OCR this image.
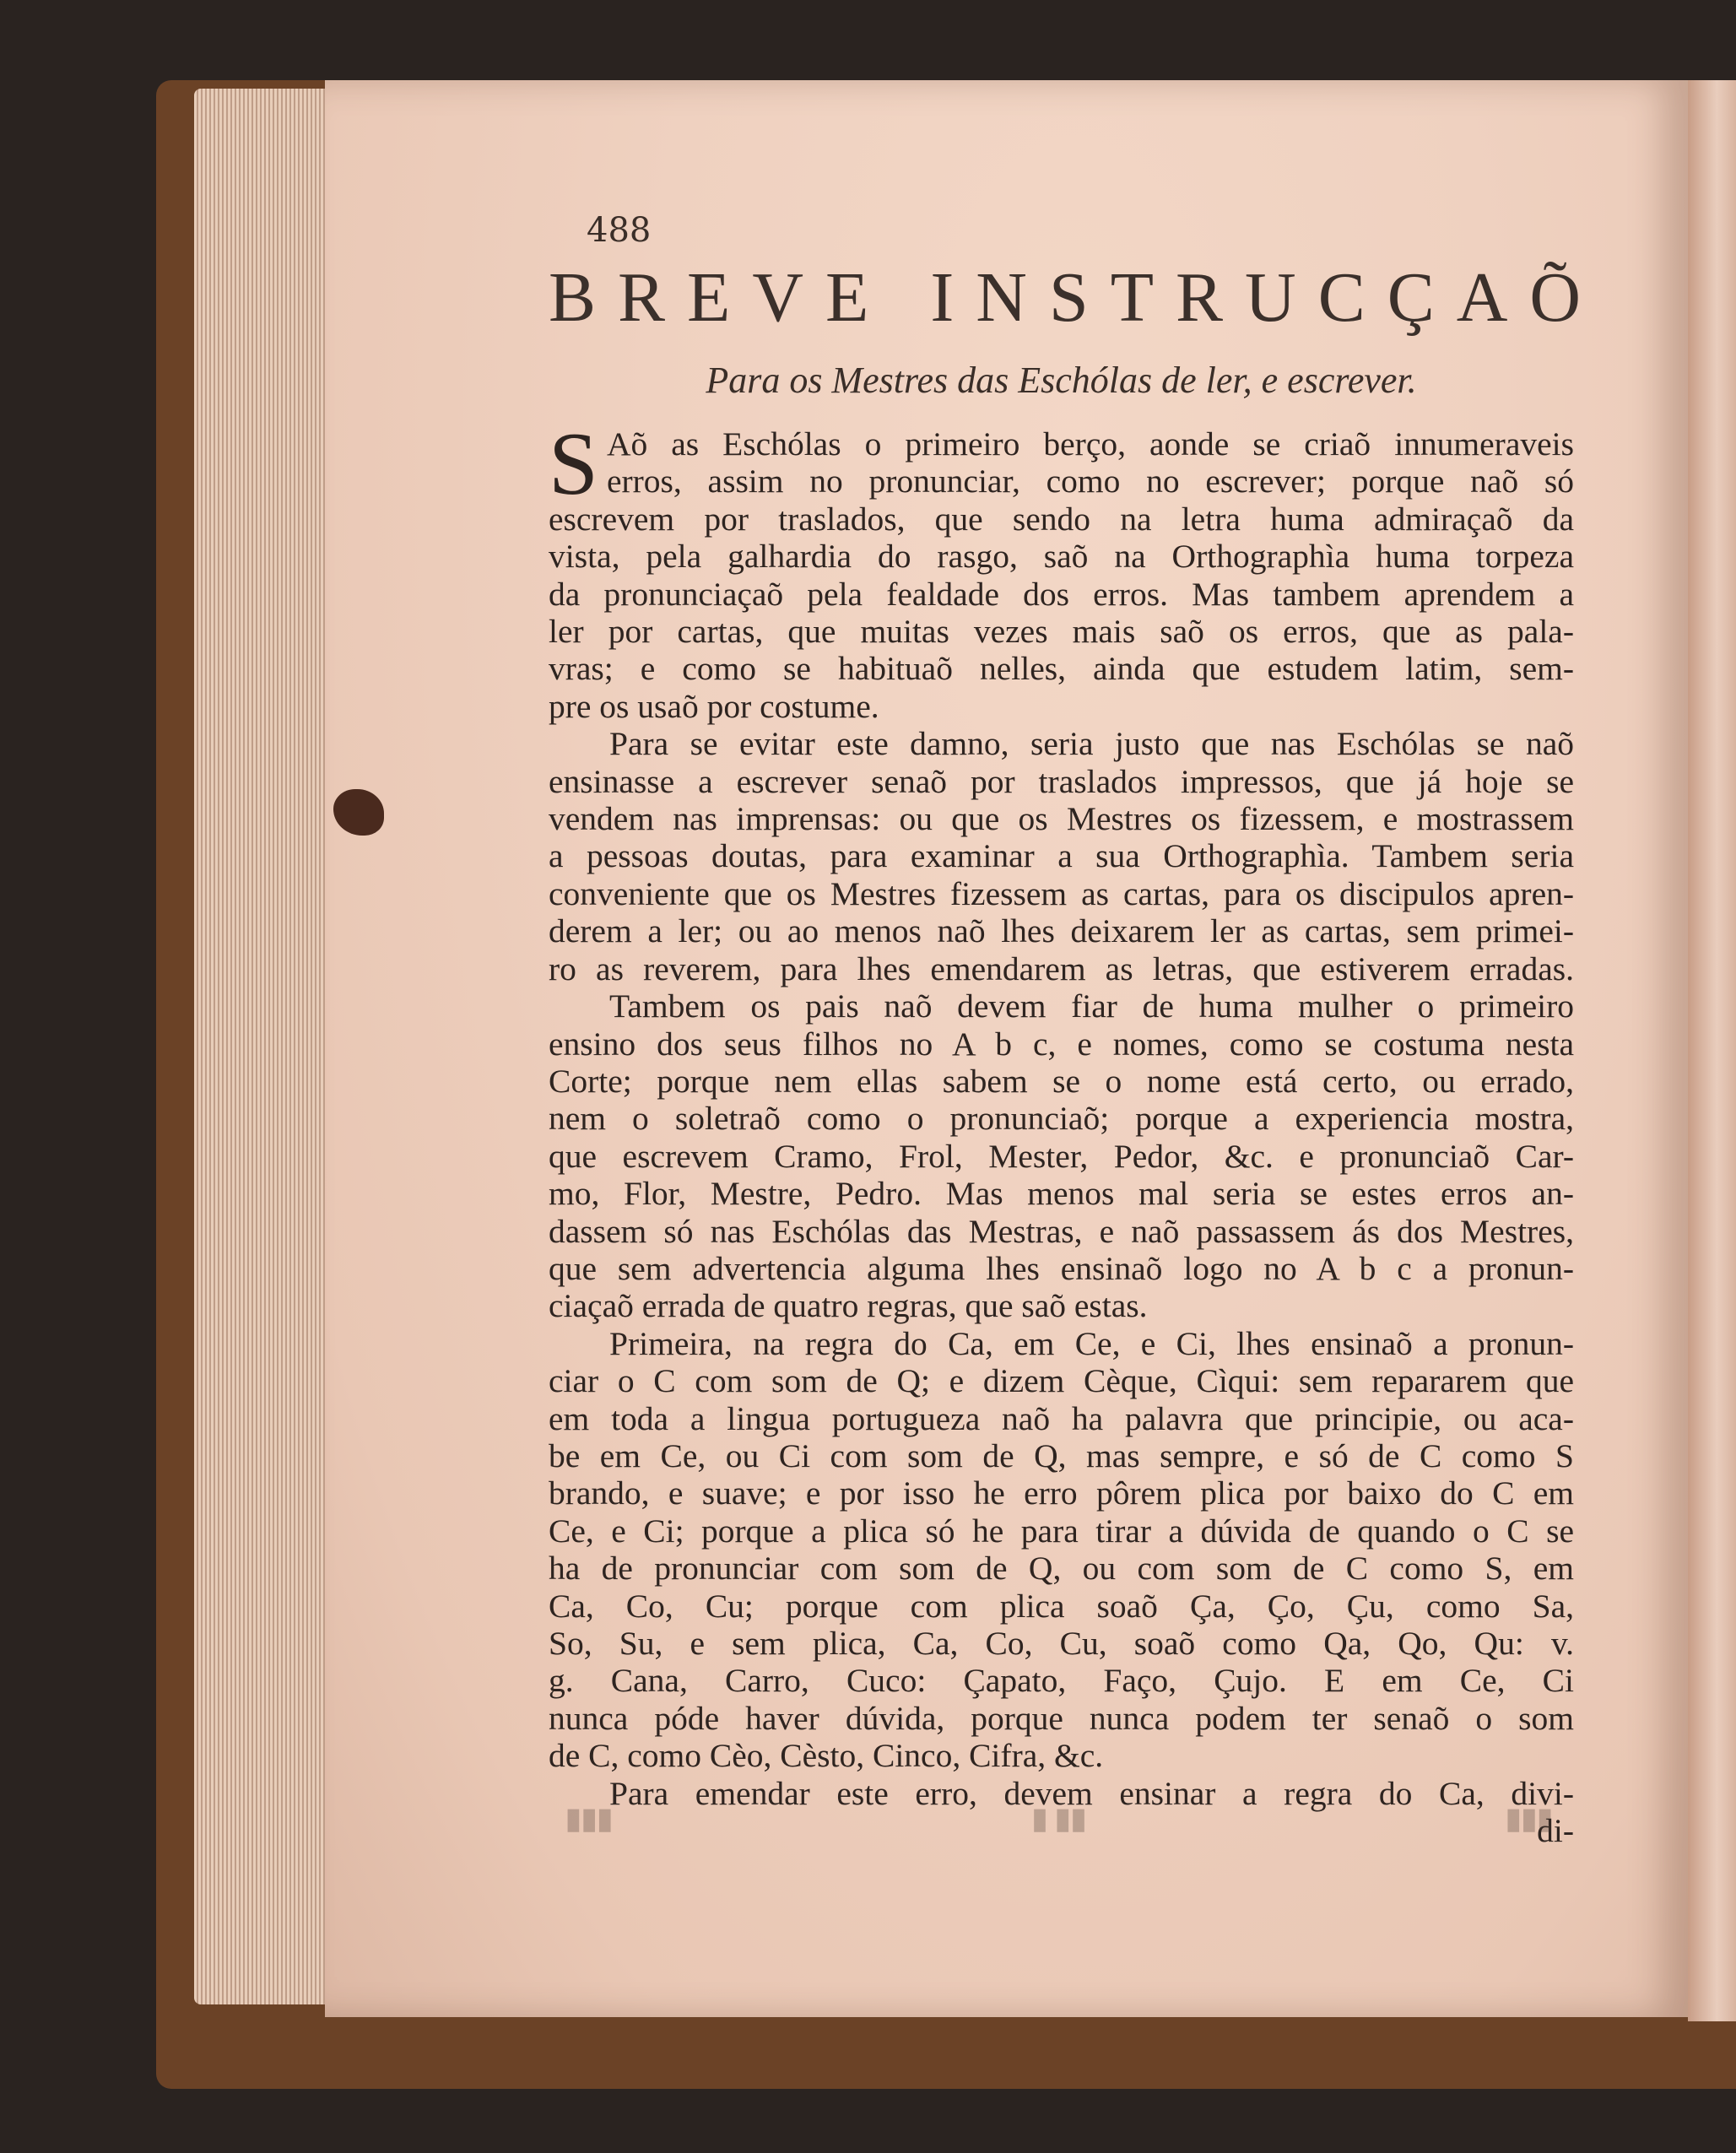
488
BREVE INSTRUCÇAÕ
Para os Mestres das Eschólas de ler, e escrever.
S Aõ as Eschólas o primeiro berço, aonde se criaõ innumeraveis
erros, assim no pronunciar, como no escrever; porque naõ só
escrevem por traslados, que sendo na letra huma admiraçaõ da
vista, pela galhardia do rasgo, saõ na Orthographìa huma torpeza
da pronunciaçaõ pela fealdade dos erros. Mas tambem aprendem a
ler por cartas, que muitas vezes mais saõ os erros, que as pala-
vras; e como se habituaõ nelles, ainda que estudem latim, sem-
pre os usaõ por costume.
Para se evitar este damno, seria justo que nas Eschólas se naõ
ensinasse a escrever senaõ por traslados impressos, que já hoje se
vendem nas imprensas: ou que os Mestres os fizessem, e mostrassem
a pessoas doutas, para examinar a sua Orthographìa. Tambem seria
conveniente que os Mestres fizessem as cartas, para os discipulos apren-
derem a ler; ou ao menos naõ lhes deixarem ler as cartas, sem primei-
ro as reverem, para lhes emendarem as letras, que estiverem erradas.
Tambem os pais naõ devem fiar de huma mulher o primeiro
ensino dos seus filhos no A b c, e nomes, como se costuma nesta
Corte; porque nem ellas sabem se o nome está certo, ou errado,
nem o soletraõ como o pronunciaõ; porque a experiencia mostra,
que escrevem Cramo, Frol, Mester, Pedor, &c. e pronunciaõ Car-
mo, Flor, Mestre, Pedro. Mas menos mal seria se estes erros an-
dassem só nas Eschólas das Mestras, e naõ passassem ás dos Mestres,
que sem advertencia alguma lhes ensinaõ logo no A b c a pronun-
ciaçaõ errada de quatro regras, que saõ estas.
Primeira, na regra do Ca, em Ce, e Ci, lhes ensinaõ a pronun-
ciar o C com som de Q; e dizem Cèque, Cìqui: sem repararem que
em toda a lingua portugueza naõ ha palavra que principie, ou aca-
be em Ce, ou Ci com som de Q, mas sempre, e só de C como S
brando, e suave; e por isso he erro pôrem plica por baixo do C em
Ce, e Ci; porque a plica só he para tirar a dúvida de quando o C se
ha de pronunciar com som de Q, ou com som de C como S, em
Ca, Co, Cu; porque com plica soaõ Ça, Ço, Çu, como Sa,
So, Su, e sem plica, Ca, Co, Cu, soaõ como Qa, Qo, Qu: v.
g. Cana, Carro, Cuco: Çapato, Faço, Çujo. E em Ce, Ci
nunca póde haver dúvida, porque nunca podem ter senaõ o som
de C, como Cèo, Cèsto, Cinco, Cifra, &c.
Para emendar este erro, devem ensinar a regra do Ca, divi-
di-
▮▮▮
▮▮ ▮
▮▮▮
